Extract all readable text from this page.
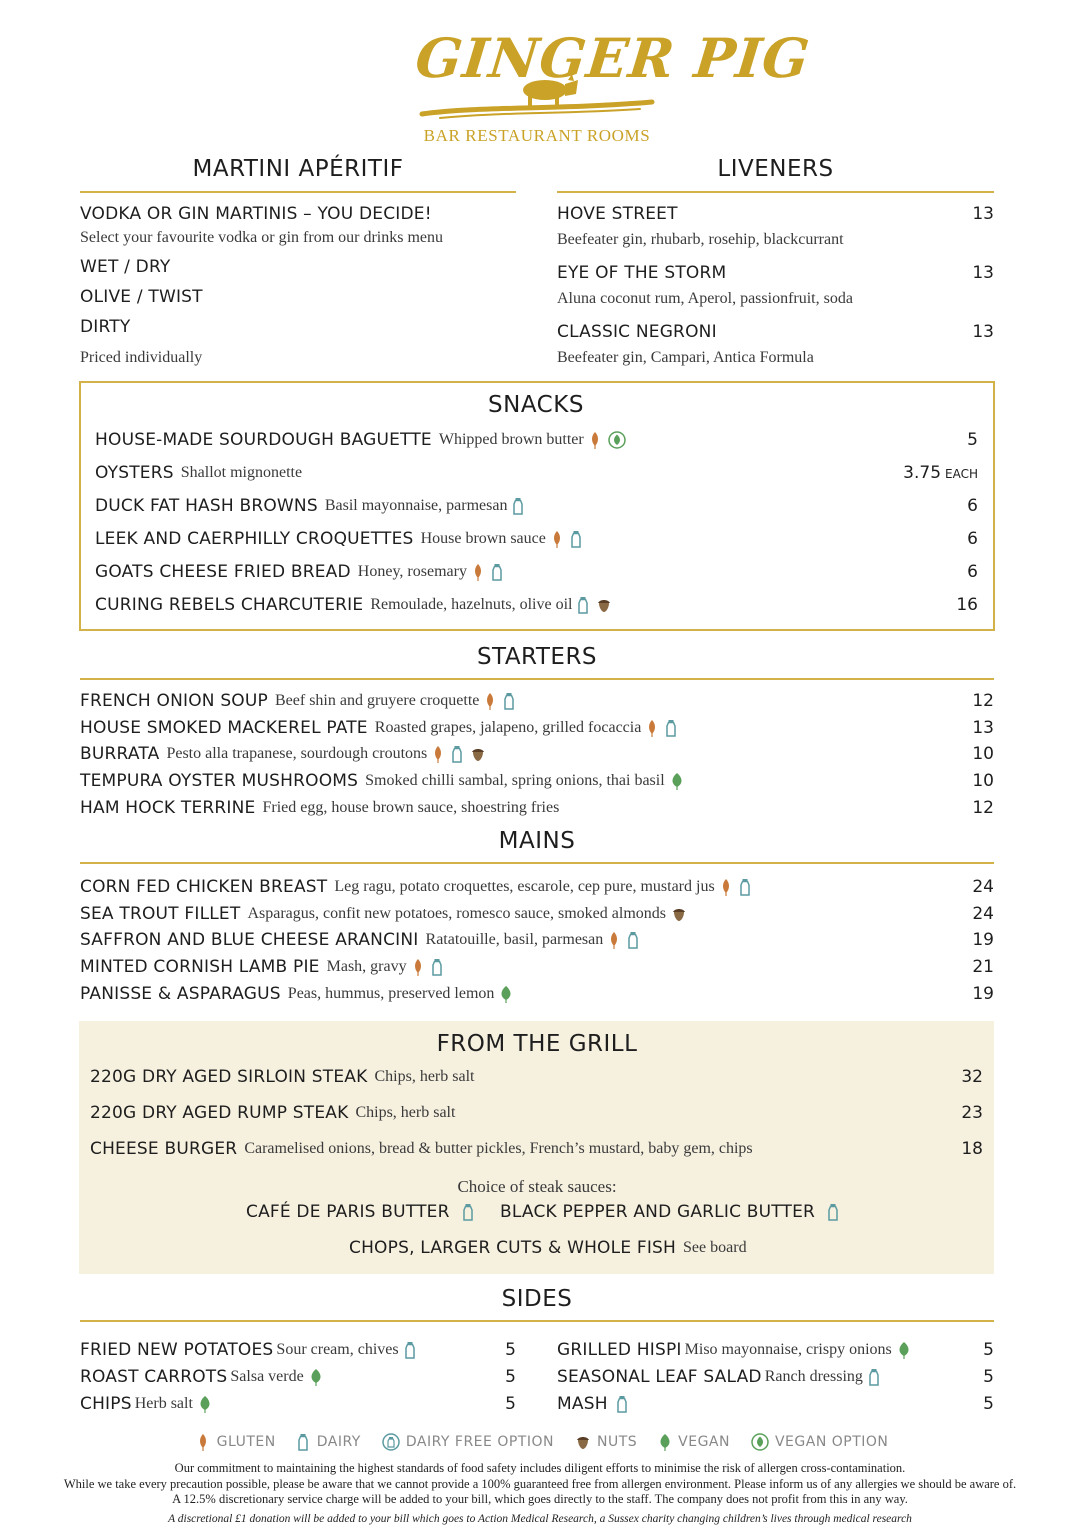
GINGER PIG
BAR RESTAURANT ROOMS
MARTINI APÉRITIF
VODKA OR GIN MARTINIS – YOU DECIDE!
Select your favourite vodka or gin from our drinks menu
WET / DRY
OLIVE / TWIST
DIRTY
Priced individually
LIVENERS
HOVE STREET	13
Beefeater gin, rhubarb, rosehip, blackcurrant
EYE OF THE STORM	13
Aluna coconut rum, Aperol, passionfruit, soda
CLASSIC NEGRONI	13
Beefeater gin, Campari, Antica Formula
SNACKS
HOUSE-MADE SOURDOUGH BAGUETTE Whipped brown butter	5
OYSTERS Shallot mignonette	3.75 EACH
DUCK FAT HASH BROWNS Basil mayonnaise, parmesan	6
LEEK AND CAERPHILLY CROQUETTES House brown sauce	6
GOATS CHEESE FRIED BREAD Honey, rosemary	6
CURING REBELS CHARCUTERIE Remoulade, hazelnuts, olive oil	16
STARTERS
FRENCH ONION SOUP Beef shin and gruyere croquette	12
HOUSE SMOKED MACKEREL PATE Roasted grapes, jalapeno, grilled focaccia	13
BURRATA Pesto alla trapanese, sourdough croutons	10
TEMPURA OYSTER MUSHROOMS Smoked chilli sambal, spring onions, thai basil	10
HAM HOCK TERRINE Fried egg, house brown sauce, shoestring fries	12
MAINS
CORN FED CHICKEN BREAST Leg ragu, potato croquettes, escarole, cep pure, mustard jus	24
SEA TROUT FILLET Asparagus, confit new potatoes, romesco sauce, smoked almonds	24
SAFFRON AND BLUE CHEESE ARANCINI Ratatouille, basil, parmesan	19
MINTED CORNISH LAMB PIE Mash, gravy	21
PANISSE & ASPARAGUS Peas, hummus, preserved lemon	19
FROM THE GRILL
220G DRY AGED SIRLOIN STEAK Chips, herb salt	32
220G DRY AGED RUMP STEAK Chips, herb salt	23
CHEESE BURGER Caramelised onions, bread & butter pickles, French’s mustard, baby gem, chips	18
Choice of steak sauces:
CAFÉ DE PARIS BUTTER	BLACK PEPPER AND GARLIC BUTTER
CHOPS, LARGER CUTS & WHOLE FISH See board
SIDES
FRIED NEW POTATOES Sour cream, chives	5
ROAST CARROTS Salsa verde	5
CHIPS Herb salt	5
GRILLED HISPI Miso mayonnaise, crispy onions	5
SEASONAL LEAF SALAD Ranch dressing	5
MASH	5
GLUTEN	DAIRY	DAIRY FREE OPTION	NUTS	VEGAN	VEGAN OPTION
Our commitment to maintaining the highest standards of food safety includes diligent efforts to minimise the risk of allergen cross-contamination.
While we take every precaution possible, please be aware that we cannot provide a 100% guaranteed free from allergen environment. Please inform us of any allergies we should be aware of.
A 12.5% discretionary service charge will be added to your bill, which goes directly to the staff. The company does not profit from this in any way.
A discretional £1 donation will be added to your bill which goes to Action Medical Research, a Sussex charity changing children’s lives through medical research
